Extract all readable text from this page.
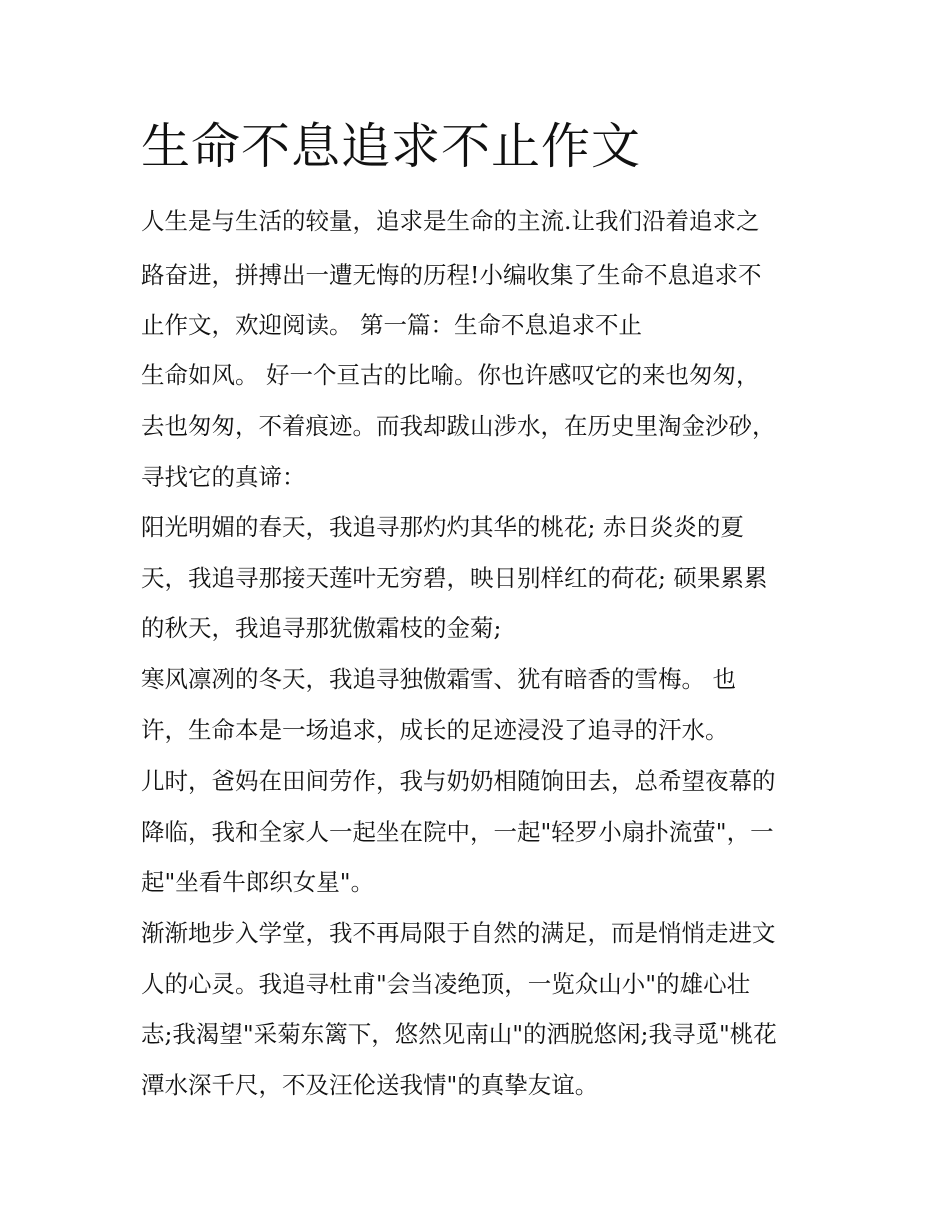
生命不息追求不止作文

人生是与生活的较量，追求是生命的主流.让我们沿着追求之

路奋进，拼搏出一遭无悔的历程!小编收集了生命不息追求不

止作文，欢迎阅读。 第一篇：生命不息追求不止

生命如风。 好一个亘古的比喻。你也许感叹它的来也匆匆，

去也匆匆，不着痕迹。而我却跋山涉水，在历史里淘金沙砂，

寻找它的真谛：

阳光明媚的春天，我追寻那灼灼其华的桃花; 赤日炎炎的夏

天，我追寻那接天莲叶无穷碧，映日别样红的荷花; 硕果累累

的秋天，我追寻那犹傲霜枝的金菊;

寒风凛冽的冬天，我追寻独傲霜雪、犹有暗香的雪梅。 也

许，生命本是一场追求，成长的足迹浸没了追寻的汗水。

儿时，爸妈在田间劳作，我与奶奶相随饷田去，总希望夜幕的

降临，我和全家人一起坐在院中，一起"轻罗小扇扑流萤"，一

起"坐看牛郎织女星"。

渐渐地步入学堂，我不再局限于自然的满足，而是悄悄走进文

人的心灵。我追寻杜甫"会当凌绝顶，一览众山小"的雄心壮

志;我渴望"采菊东篱下，悠然见南山"的洒脱悠闲;我寻觅"桃花

潭水深千尺，不及汪伦送我情"的真挚友谊。
